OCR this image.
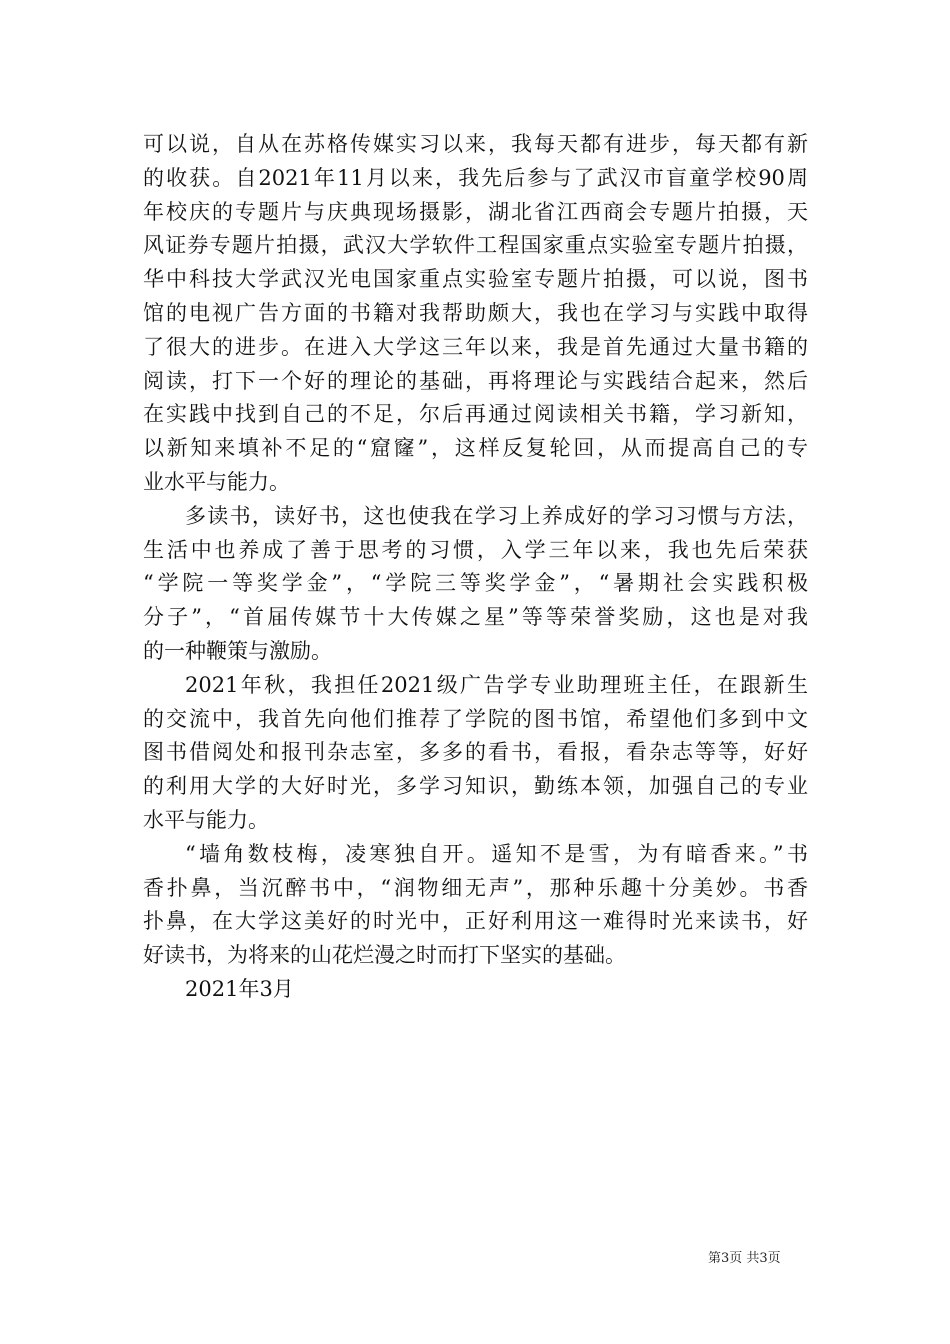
可以说，自从在苏格传媒实习以来，我每天都有进步，每天都有新
的收获。自2021年11月以来，我先后参与了武汉市盲童学校90周
年校庆的专题片与庆典现场摄影，湖北省江西商会专题片拍摄，天
风证券专题片拍摄，武汉大学软件工程国家重点实验室专题片拍摄，
华中科技大学武汉光电国家重点实验室专题片拍摄，可以说，图书
馆的电视广告方面的书籍对我帮助颇大，我也在学习与实践中取得
了很大的进步。在进入大学这三年以来，我是首先通过大量书籍的
阅读，打下一个好的理论的基础，再将理论与实践结合起来，然后
在实践中找到自己的不足，尔后再通过阅读相关书籍，学习新知，
以新知来填补不足的“窟窿”，这样反复轮回，从而提高自己的专
业水平与能力。
多读书，读好书，这也使我在学习上养成好的学习习惯与方法，
生活中也养成了善于思考的习惯，入学三年以来，我也先后荣获
“学院一等奖学金”，“学院三等奖学金”，“暑期社会实践积极
分子”，“首届传媒节十大传媒之星”等等荣誉奖励，这也是对我
的一种鞭策与激励。
2021年秋，我担任2021级广告学专业助理班主任，在跟新生
的交流中，我首先向他们推荐了学院的图书馆，希望他们多到中文
图书借阅处和报刊杂志室，多多的看书，看报，看杂志等等，好好
的利用大学的大好时光，多学习知识，勤练本领，加强自己的专业
水平与能力。
“墙角数枝梅，凌寒独自开。遥知不是雪，为有暗香来。”书
香扑鼻，当沉醉书中，“润物细无声”，那种乐趣十分美妙。书香
扑鼻，在大学这美好的时光中，正好利用这一难得时光来读书，好
好读书，为将来的山花烂漫之时而打下坚实的基础。
2021年3月
第3页 共3页
